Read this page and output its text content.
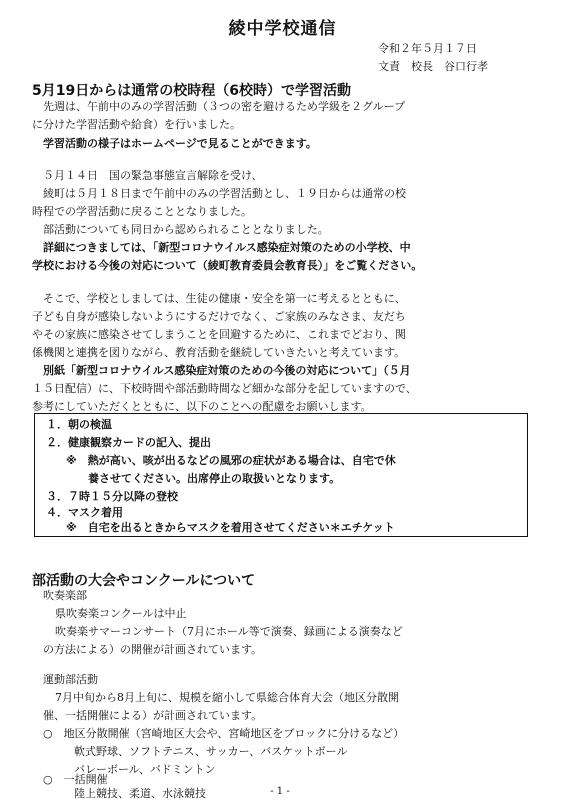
綾中学校通信
令和２年５月１７日
文責　校長　谷口行孝
5月19日からは通常の校時程（6校時）で学習活動
先週は、午前中のみの学習活動（３つの密を避けるため学級を２グループ
に分けた学習活動や給食）を行いました。
学習活動の様子はホームページで見ることができます。
５月１４日　国の緊急事態宣言解除を受け、
綾町は５月１８日まで午前中のみの学習活動とし、１９日からは通常の校
時程での学習活動に戻ることとなりました。
部活動についても同日から認められることとなりました。
詳細につきましては、「新型コロナウイルス感染症対策のための小学校、中
学校における今後の対応について（綾町教育委員会教育長）」をご覧ください。
そこで、学校としましては、生徒の健康・安全を第一に考えるとともに、
子ども自身が感染しないようにするだけでなく、ご家族のみなさま、友だち
やその家族に感染させてしまうことを回避するために、これまでどおり、関
係機関と連携を図りながら、教育活動を継続していきたいと考えています。
別紙「新型コロナウイルス感染症対策のための今後の対応について」（５月
１５日配信）に、下校時間や部活動時間など細かな部分を記していますので、
参考にしていただくとともに、以下のことへの配慮をお願いします。
１．朝の検温
２．健康観察カードの記入、提出
※　熱が高い、咳が出るなどの風邪の症状がある場合は、自宅で休
養させてください。出席停止の取扱いとなります。
３．７時１５分以降の登校
４．マスク着用
※　自宅を出るときからマスクを着用させてください＊エチケット
部活動の大会やコンクールについて
吹奏楽部
県吹奏楽コンクールは中止
吹奏楽サマーコンサート（7月にホール等で演奏、録画による演奏など
の方法による）の開催が計画されています。
運動部活動
7月中旬から8月上旬に、規模を縮小して県総合体育大会（地区分散開
催、一括開催による）が計画されています。
○　地区分散開催（宮崎地区大会や、宮崎地区をブロックに分けるなど）
軟式野球、ソフトテニス、サッカー、バスケットボール
バレーボール、バドミントン
- 1 -
○　一括開催
陸上競技、柔道、水泳競技
